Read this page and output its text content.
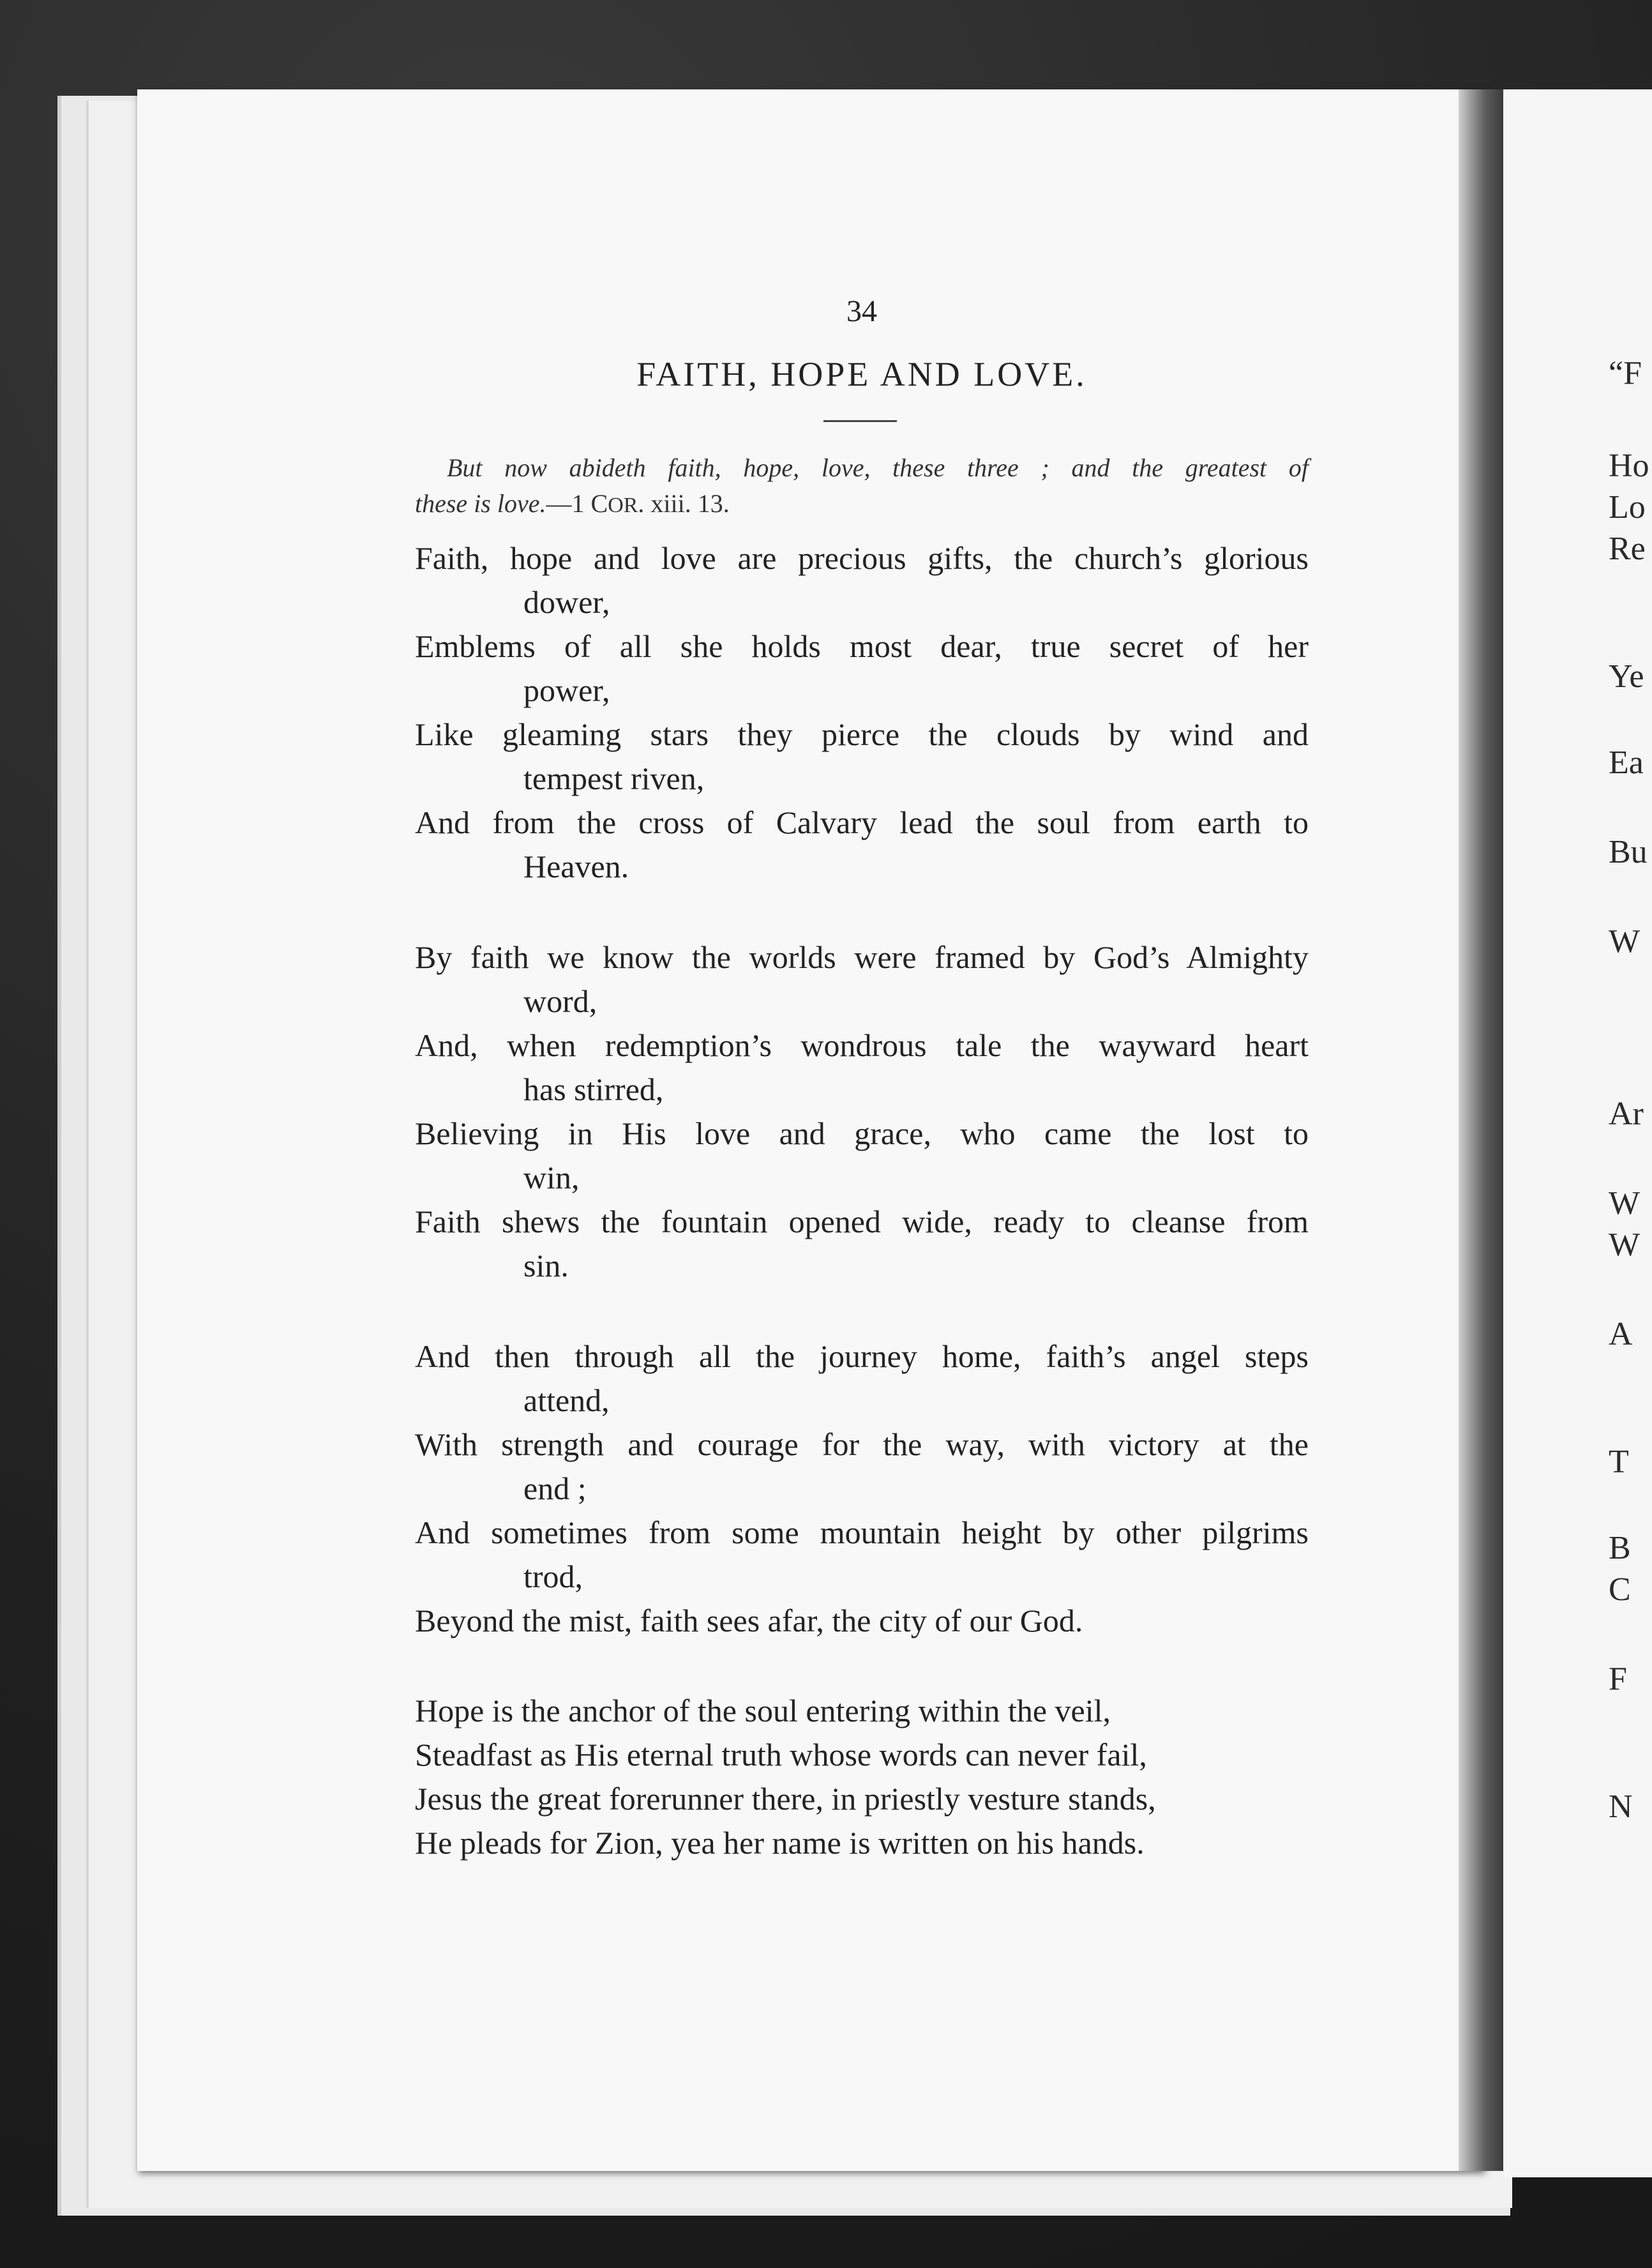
“F
Ho
Lo
Re
Ye
Ea
Bu
W
Ar
W
W
A
T
B
C
F
N
34
FAITH, HOPE AND LOVE.
But now abideth faith, hope, love, these three ; and the greatest of
these is love.—1 COR. xiii. 13.
Faith, hope and love are precious gifts, the church’s glorious
dower,
Emblems of all she holds most dear, true secret of her
power,
Like gleaming stars they pierce the clouds by wind and
tempest riven,
And from the cross of Calvary lead the soul from earth to
Heaven.
By faith we know the worlds were framed by God’s Almighty
word,
And, when redemption’s wondrous tale the wayward heart
has stirred,
Believing in His love and grace, who came the lost to
win,
Faith shews the fountain opened wide, ready to cleanse from
sin.
And then through all the journey home, faith’s angel steps
attend,
With strength and courage for the way, with victory at the
end ;
And sometimes from some mountain height by other pilgrims
trod,
Beyond the mist, faith sees afar, the city of our God.
Hope is the anchor of the soul entering within the veil,
Steadfast as His eternal truth whose words can never fail,
Jesus the great forerunner there, in priestly vesture stands,
He pleads for Zion, yea her name is written on his hands.
